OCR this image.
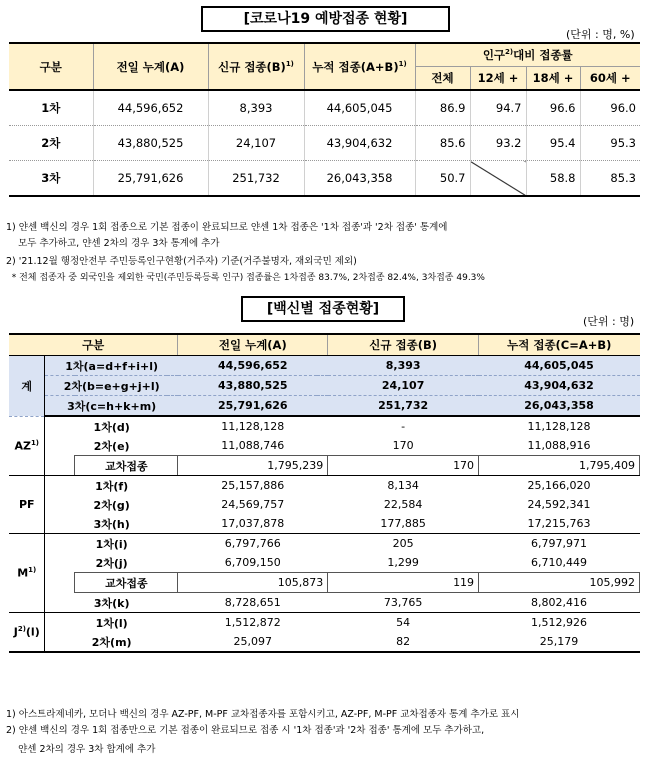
[코로나19 예방접종 현황]
(단위 : 명, %)
구분	전일 누계(A)	신규 접종$(B)^{1)}$	누적 접종$(A+B)^{1)}$	인구$^{2)}$대비 접종률			
				전체	12세 +	18세 +	60세 +
1차	44,596,652	8,393	44,605,045	86.9	94.7	96.6	96.0
2차	43,880,525	24,107	43,904,632	85.6	93.2	95.4	95.3
3차	25,791,626	251,732	26,043,358	50.7		58.8	85.3
1) 얀센 백신의 경우 1회 접종으로 기본 접종이 완료되므로 얀센 1차 접종은 '1차 접종'과 '2차 접종' 통계에
모두 추가하고, 얀센 2차의 경우 3차 통계에 추가
2) '21.12월 행정안전부 주민등록인구현황(거주자) 기준(거주불명자, 재외국민 제외)
* 전체 접종자 중 외국인을 제외한 국민(주민등록등록 인구) 접종률은 1차접종 83.7%, 2차접종 82.4%, 3차접종 49.3%
[백신별 접종현황]
(단위 : 명)
구분			전일 누계(A)	신규 접종(B)	누적 접종(C=A+B)
계	1차(a=d+f+i+l)		44,596,652	8,393	44,605,045
	2차(b=e+g+j+l)		43,880,525	24,107	43,904,632
	3차(c=h+k+m)		25,791,626	251,732	26,043,358
AZ$^{1)}$	1차(d)		11,128,128	-	11,128,128
	2차(e)		11,088,746	170	11,088,916
		교차접종	1,795,239	170	1,795,409
PF	1차(f)		25,157,886	8,134	25,166,020
	2차(g)		24,569,757	22,584	24,592,341
	3차(h)		17,037,878	177,885	17,215,763
$M^{1)}$	1차(i)		6,797,766	205	6,797,971
	2차(j)		6,709,150	1,299	6,710,449
		교차접종	105,873	119	105,992
	3차(k)		8,728,651	73,765	8,802,416
$J^{2)}(l)$	1차(l)		1,512,872	54	1,512,926
	2차(m)		25,097	82	25,179
1) 아스트라제네카, 모더나 백신의 경우 AZ-PF, M-PF 교차접종자를 포함시키고, AZ-PF, M-PF 교차접종자 통계 추가로 표시
2) 얀센 백신의 경우 1회 접종만으로 기본 접종이 완료되므로 접종 시 '1차 접종'과 '2차 접종' 통계에 모두 추가하고,
얀센 2차의 경우 3차 합계에 추가
